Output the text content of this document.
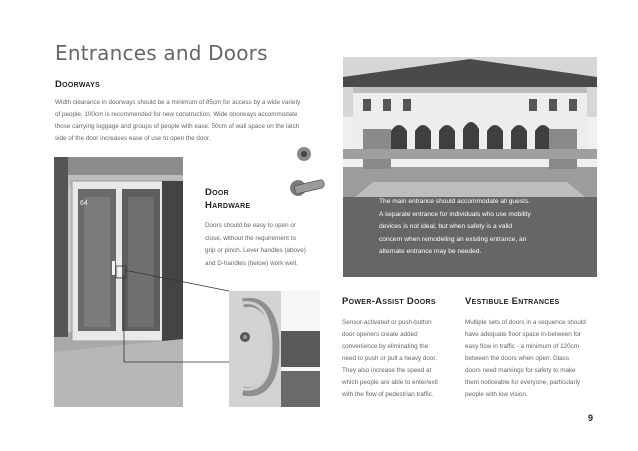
Entrances and Doors
Doorways
Width clearance in doorways should be a minimum of 85cm for access by a wide variety
of people. 100cm is recommended for new construction. Wide doorways accommodate
those carrying luggage and groups of people with ease. 50cm of wall space on the latch
side of the door increases ease of use to open the door.
64
Door
Hardware
Doors should be easy to open or
close, without the requirement to
grip or pinch. Lever handles (above)
and D-handles (below) work well.
The main entrance should accommodate all guests.
A separate entrance for individuals who use mobility
devices is not ideal, but when safety is a valid
concern when remodeling an existing entrance, an
alternate entrance may be needed.
Power-Assist Doors
Sensor-activated or push-button
door openers create added
convenience by eliminating the
need to push or pull a heavy door.
They also increase the speed at
which people are able to enter/exit
with the flow of pedestrian traffic.
Vestibule Entrances
Multiple sets of doors in a sequence should
have adequate floor space in-between for
easy flow in traffic - a minimum of 120cm
between the doors when open. Glass
doors need markings for safety to make
them noticeable for everyone, particularly
people with low vision.
9
